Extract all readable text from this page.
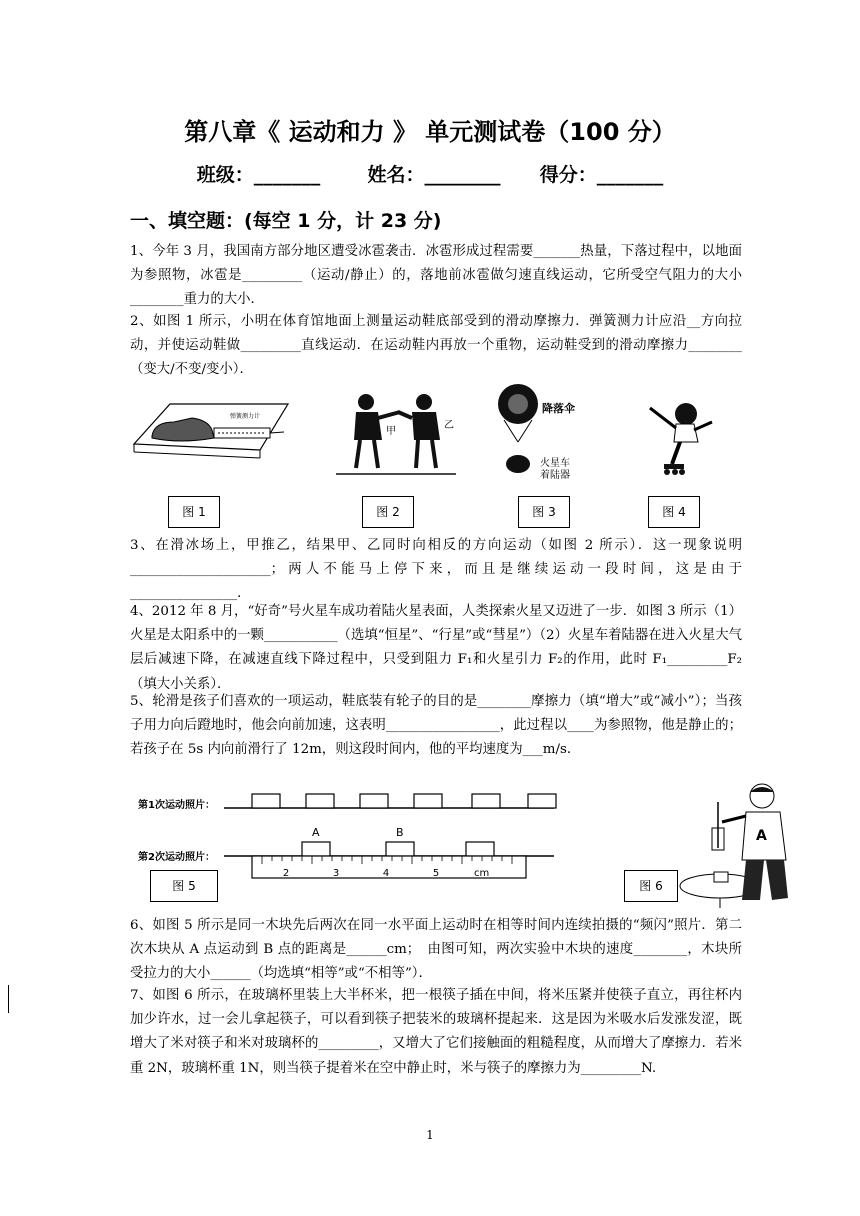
第八章《 运动和力 》 单元测试卷（100 分）
班级：_______ 姓名：________ 得分：_______
一、填空题：(每空 1 分，计 23 分)
1、今年 3 月，我国南方部分地区遭受冰雹袭击．冰雹形成过程需要_______热量，下落过程中，以地面为参照物，冰雹是_________（运动/静止）的，落地前冰雹做匀速直线运动，它所受空气阻力的大小________重力的大小．
2、如图 1 所示，小明在体育馆地面上测量运动鞋底部受到的滑动摩擦力．弹簧测力计应沿__方向拉动，并使运动鞋做_________直线运动．在运动鞋内再放一个重物，运动鞋受到的滑动摩擦力________（变大/不变/变小）．
弹簧测力计
甲
乙
降落伞
火星车
着陆器
图 1	图 2	图 3	图 4
3、在滑冰场上，甲推乙，结果甲、乙同时向相反的方向运动（如图 2 所示）．这一现象说明_____________________；两人不能马上停下来，而且是继续运动一段时间，这是由于________________．
4、2012 年 8 月，“好奇”号火星车成功着陆火星表面，人类探索火星又迈进了一步．如图 3 所示（1）火星是太阳系中的一颗___________（选填“恒星”、“行星”或“彗星”）（2）火星车着陆器在进入火星大气层后减速下降，在减速直线下降过程中，只受到阻力 F₁和火星引力 F₂的作用，此时 F₁_________F₂（填大小关系）．
5、轮滑是孩子们喜欢的一项运动，鞋底装有轮子的目的是________摩擦力（填“增大”或“减小”）；当孩子用力向后蹬地时，他会向前加速，这表明_________________，此过程以____为参照物，他是静止的；若孩子在 5s 内向前滑行了 12m，则这段时间内，他的平均速度为___m/s．
第1次运动照片：
第2次运动照片：
A	B
2	3	4	5	cm
图 5
A
图 6
6、如图 5 所示是同一木块先后两次在同一水平面上运动时在相等时间内连续拍摄的“频闪”照片．第二次木块从 A 点运动到 B 点的距离是______cm；　由图可知，两次实验中木块的速度________，木块所受拉力的大小______（均选填“相等”或“不相等”）．
7、如图 6 所示，在玻璃杯里装上大半杯米，把一根筷子插在中间，将米压紧并使筷子直立，再往杯内加少许水，过一会儿拿起筷子，可以看到筷子把装米的玻璃杯提起来．这是因为米吸水后发涨发涩，既增大了米对筷子和米对玻璃杯的_________，又增大了它们接触面的粗糙程度，从而增大了摩擦力．若米重 2N，玻璃杯重 1N，则当筷子提着米在空中静止时，米与筷子的摩擦力为_________N.
1
